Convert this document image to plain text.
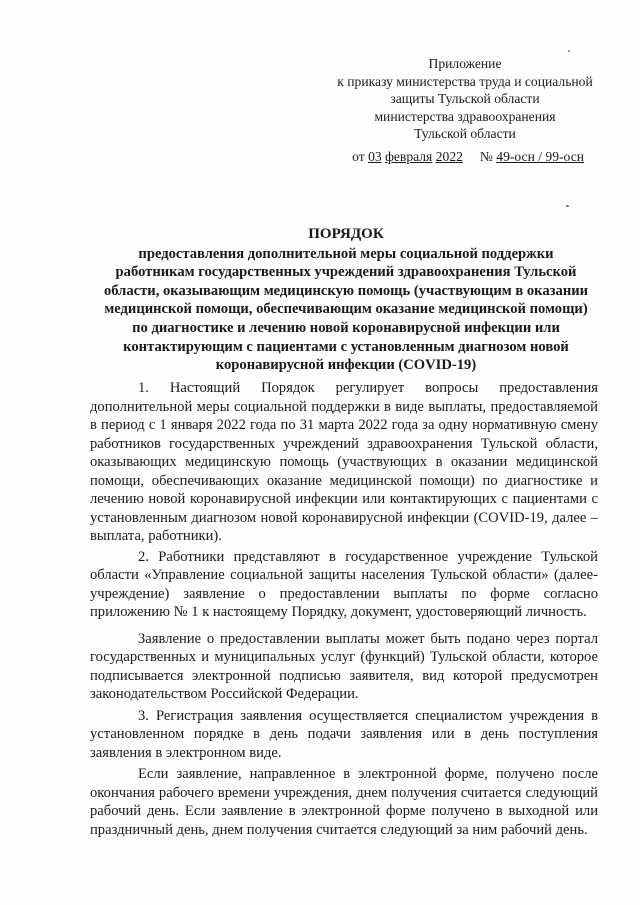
Приложение
к приказу министерства труда и социальной
защиты Тульской области
министерства здравоохранения
Тульской области
от 03 февраля 2022 № 49-осн / 99-осн
ПОРЯДОК
предоставления дополнительной меры социальной поддержки
работникам государственных учреждений здравоохранения Тульской
области, оказывающим медицинскую помощь (участвующим в оказании
медицинской помощи, обеспечивающим оказание медицинской помощи)
по диагностике и лечению новой коронавирусной инфекции или
контактирующим с пациентами с установленным диагнозом новой
коронавирусной инфекции (COVID-19)

1. Настоящий Порядок регулирует вопросы предоставления дополнительной меры социальной поддержки в виде выплаты, предоставляемой в период с 1 января 2022 года по 31 марта 2022 года за одну нормативную смену работников государственных учреждений здравоохранения Тульской области, оказывающих медицинскую помощь (участвующих в оказании медицинской помощи, обеспечивающих оказание медицинской помощи) по диагностике и лечению новой коронавирусной инфекции или контактирующих с пациентами с установленным диагнозом новой коронавирусной инфекции (COVID-19, далее – выплата, работники).

2. Работники представляют в государственное учреждение Тульской области «Управление социальной защиты населения Тульской области» (далее- учреждение) заявление о предоставлении выплаты по форме согласно приложению № 1 к настоящему Порядку, документ, удостоверяющий личность.

Заявление о предоставлении выплаты может быть подано через портал государственных и муниципальных услуг (функций) Тульской области, которое подписывается электронной подписью заявителя, вид которой предусмотрен законодательством Российской Федерации.

3. Регистрация заявления осуществляется специалистом учреждения в установленном порядке в день подачи заявления или в день поступления заявления в электронном виде.

Если заявление, направленное в электронной форме, получено после окончания рабочего времени учреждения, днем получения считается следующий рабочий день. Если заявление в электронной форме получено в выходной или праздничный день, днем получения считается следующий за ним рабочий день.
